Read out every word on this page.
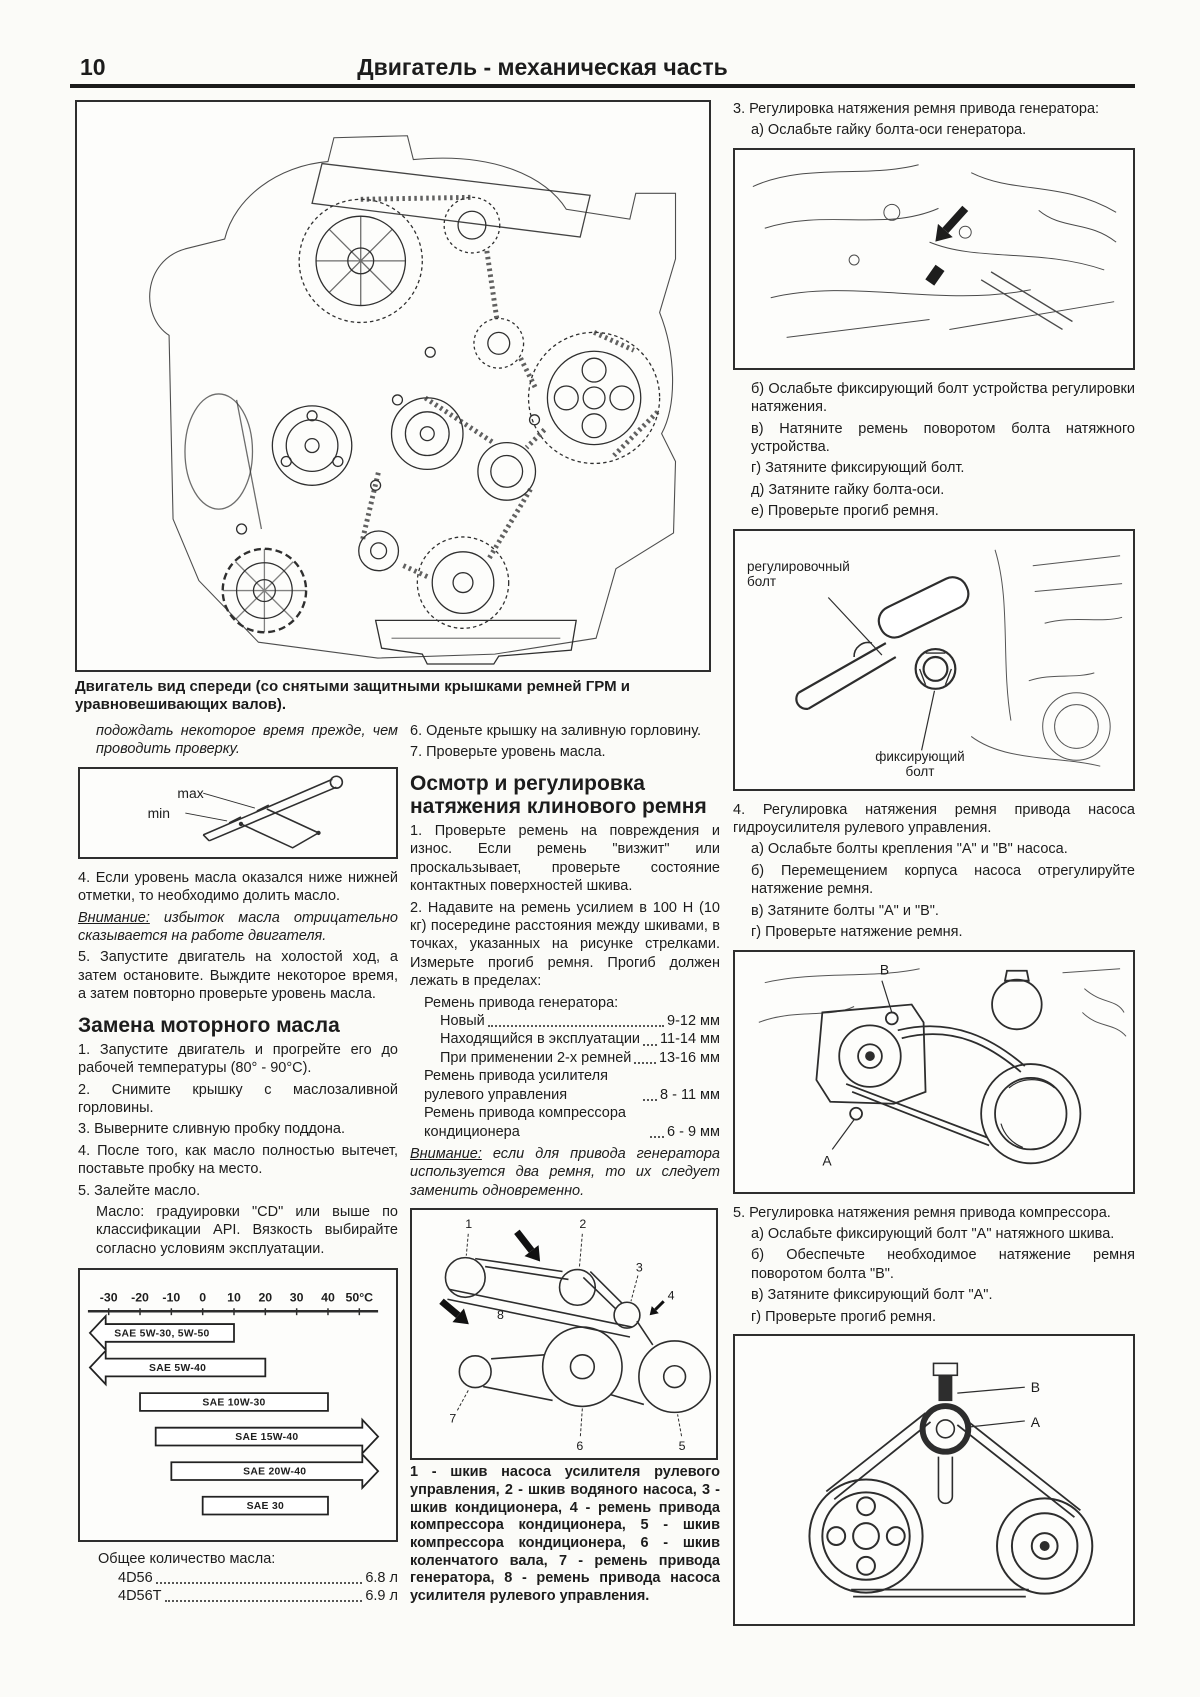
10	Двигатель - механическая часть
Двигатель вид спереди (со снятыми защитными крышками ремней ГРМ и уравновешивающих валов).

подождать некоторое время прежде, чем проводить проверку.

max
min

4. Если уровень масла оказался ниже нижней отметки, то необходимо долить масло.

Внимание: избыток масла отрицательно сказывается на работе двигателя.

5. Запустите двигатель на холостой ход, а затем остановите. Выждите некоторое время, а затем повторно проверьте уровень масла.

Замена моторного масла

1. Запустите двигатель и прогрейте его до рабочей температуры (80° - 90°С).

2. Снимите крышку с маслозаливной горловины.

3. Выверните сливную пробку поддона.

4. После того, как масло полностью вытечет, поставьте пробку на место.

5. Залейте масло.

Масло: градуировки "CD" или выше по классификации API. Вязкость выбирайте согласно условиям эксплуатации.

-30 -20 -10 0 10 20 30 40 50°C
SAE 5W-30, 5W-50
SAE 5W-40
SAE 10W-30
SAE 15W-40
SAE 20W-40
SAE 30
Общее количество масла:
4D56	6.8 л
4D56T	6.9 л

6. Оденьте крышку на заливную горловину.

7. Проверьте уровень масла.

Осмотр и регулировка натяжения клинового ремня

1. Проверьте ремень на повреждения и износ. Если ремень "визжит" или проскальзывает, проверьте состояние контактных поверхностей шкива.

2. Надавите на ремень усилием в 100 Н (10 кг) посередине расстояния между шкивами, в точках, указанных на рисунке стрелками. Измерьте прогиб ремня. Прогиб должен лежать в пределах:

Ремень привода генератора:
Новый	9-12 мм
Находящийся в эксплуатации 11-14 мм
При применении 2-х ремней 13-16 мм
Ремень привода усилителя рулевого управления	8 - 11 мм
Ремень привода компрессора кондиционера	6 - 9 мм

Внимание: если для привода генератора используется два ремня, то их следует заменить одновременно.

1	2
3
4
5
6
7
8
1 - шкив насоса усилителя рулевого управления, 2 - шкив водяного насоса, 3 - шкив кондиционера, 4 - ремень привода компрессора кондиционера, 5 - шкив компрессора кондиционера, 6 - шкив коленчатого вала, 7 - ремень привода генератора, 8 - ремень привода насоса усилителя рулевого управления.

3. Регулировка натяжения ремня привода генератора:

а) Ослабьте гайку болта-оси генератора.

б) Ослабьте фиксирующий болт устройства регулировки натяжения.

в) Натяните ремень поворотом болта натяжного устройства.

г) Затяните фиксирующий болт.

д) Затяните гайку болта-оси.

е) Проверьте прогиб ремня.

регулировочный болт
фиксирующий болт

4. Регулировка натяжения ремня привода насоса гидроусилителя рулевого управления.

а) Ослабьте болты крепления "А" и "В" насоса.

б) Перемещением корпуса насоса отрегулируйте натяжение ремня.

в) Затяните болты "А" и "В".

г) Проверьте натяжение ремня.

B
A

5. Регулировка натяжения ремня привода компрессора.

а) Ослабьте фиксирующий болт "А" натяжного шкива.

б) Обеспечьте необходимое натяжение ремня поворотом болта "В".

в) Затяните фиксирующий болт "А".

г) Проверьте прогиб ремня.

B
A
